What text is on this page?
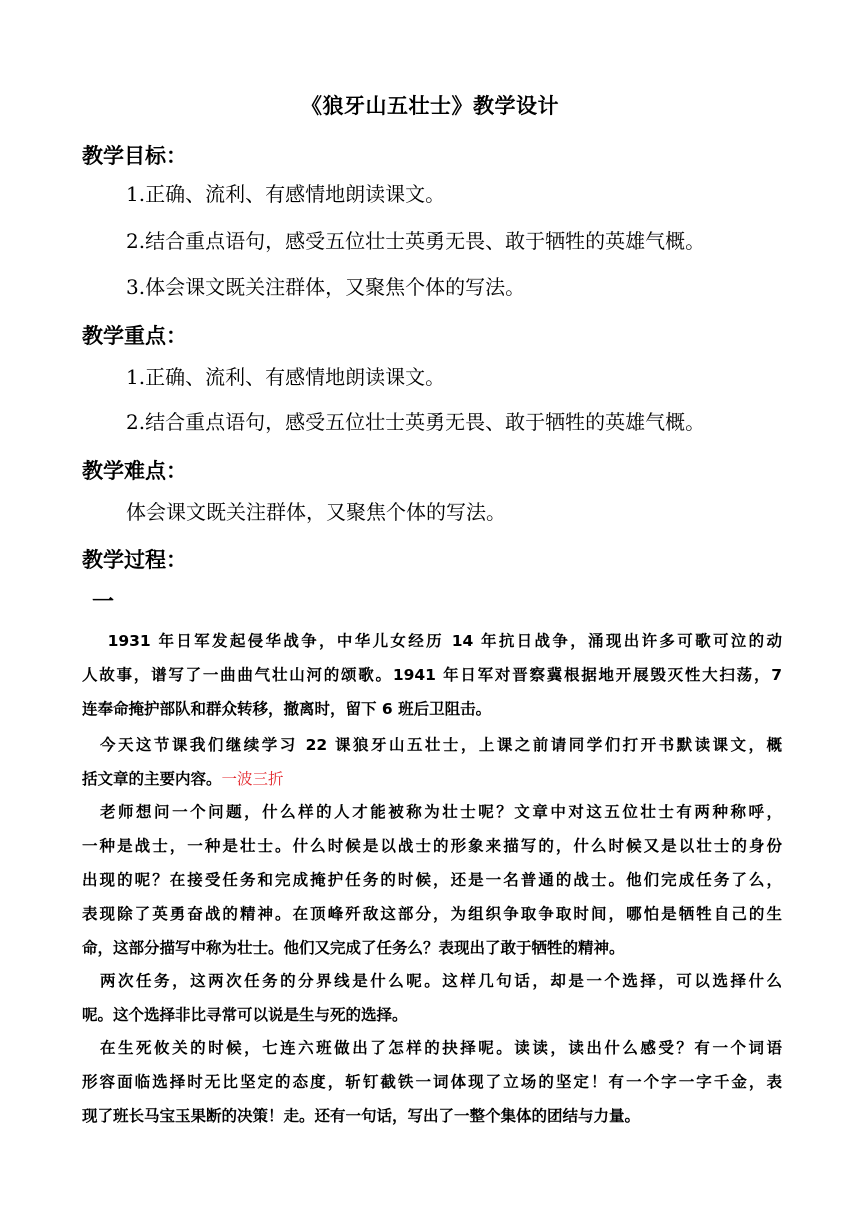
《狼牙山五壮士》教学设计
教学目标：
1.正确、流利、有感情地朗读课文。
2.结合重点语句，感受五位壮士英勇无畏、敢于牺牲的英雄气概。
3.体会课文既关注群体，又聚焦个体的写法。
教学重点：
1.正确、流利、有感情地朗读课文。
2.结合重点语句，感受五位壮士英勇无畏、敢于牺牲的英雄气概。
教学难点：
体会课文既关注群体，又聚焦个体的写法。
教学过程：
一
　 1931 年日军发起侵华战争，中华儿女经历 14 年抗日战争，涌现出许多可歌可泣的动
人故事，谱写了一曲曲气壮山河的颂歌。1941 年日军对晋察冀根据地开展毁灭性大扫荡，7
连奉命掩护部队和群众转移，撤离时，留下 6 班后卫阻击。
　今天这节课我们继续学习 22 课狼牙山五壮士，上课之前请同学们打开书默读课文，概
括文章的主要内容。一波三折
　老师想问一个问题，什么样的人才能被称为壮士呢？文章中对这五位壮士有两种称呼，
一种是战士，一种是壮士。什么时候是以战士的形象来描写的，什么时候又是以壮士的身份
出现的呢？在接受任务和完成掩护任务的时候，还是一名普通的战士。他们完成任务了么，
表现除了英勇奋战的精神。在顶峰歼敌这部分，为组织争取争取时间，哪怕是牺牲自己的生
命，这部分描写中称为壮士。他们又完成了任务么？表现出了敢于牺牲的精神。
　两次任务，这两次任务的分界线是什么呢。这样几句话，却是一个选择，可以选择什么
呢。这个选择非比寻常可以说是生与死的选择。
　在生死攸关的时候，七连六班做出了怎样的抉择呢。读读，读出什么感受？有一个词语
形容面临选择时无比坚定的态度，斩钉截铁一词体现了立场的坚定！有一个字一字千金，表
现了班长马宝玉果断的决策！走。还有一句话，写出了一整个集体的团结与力量。
